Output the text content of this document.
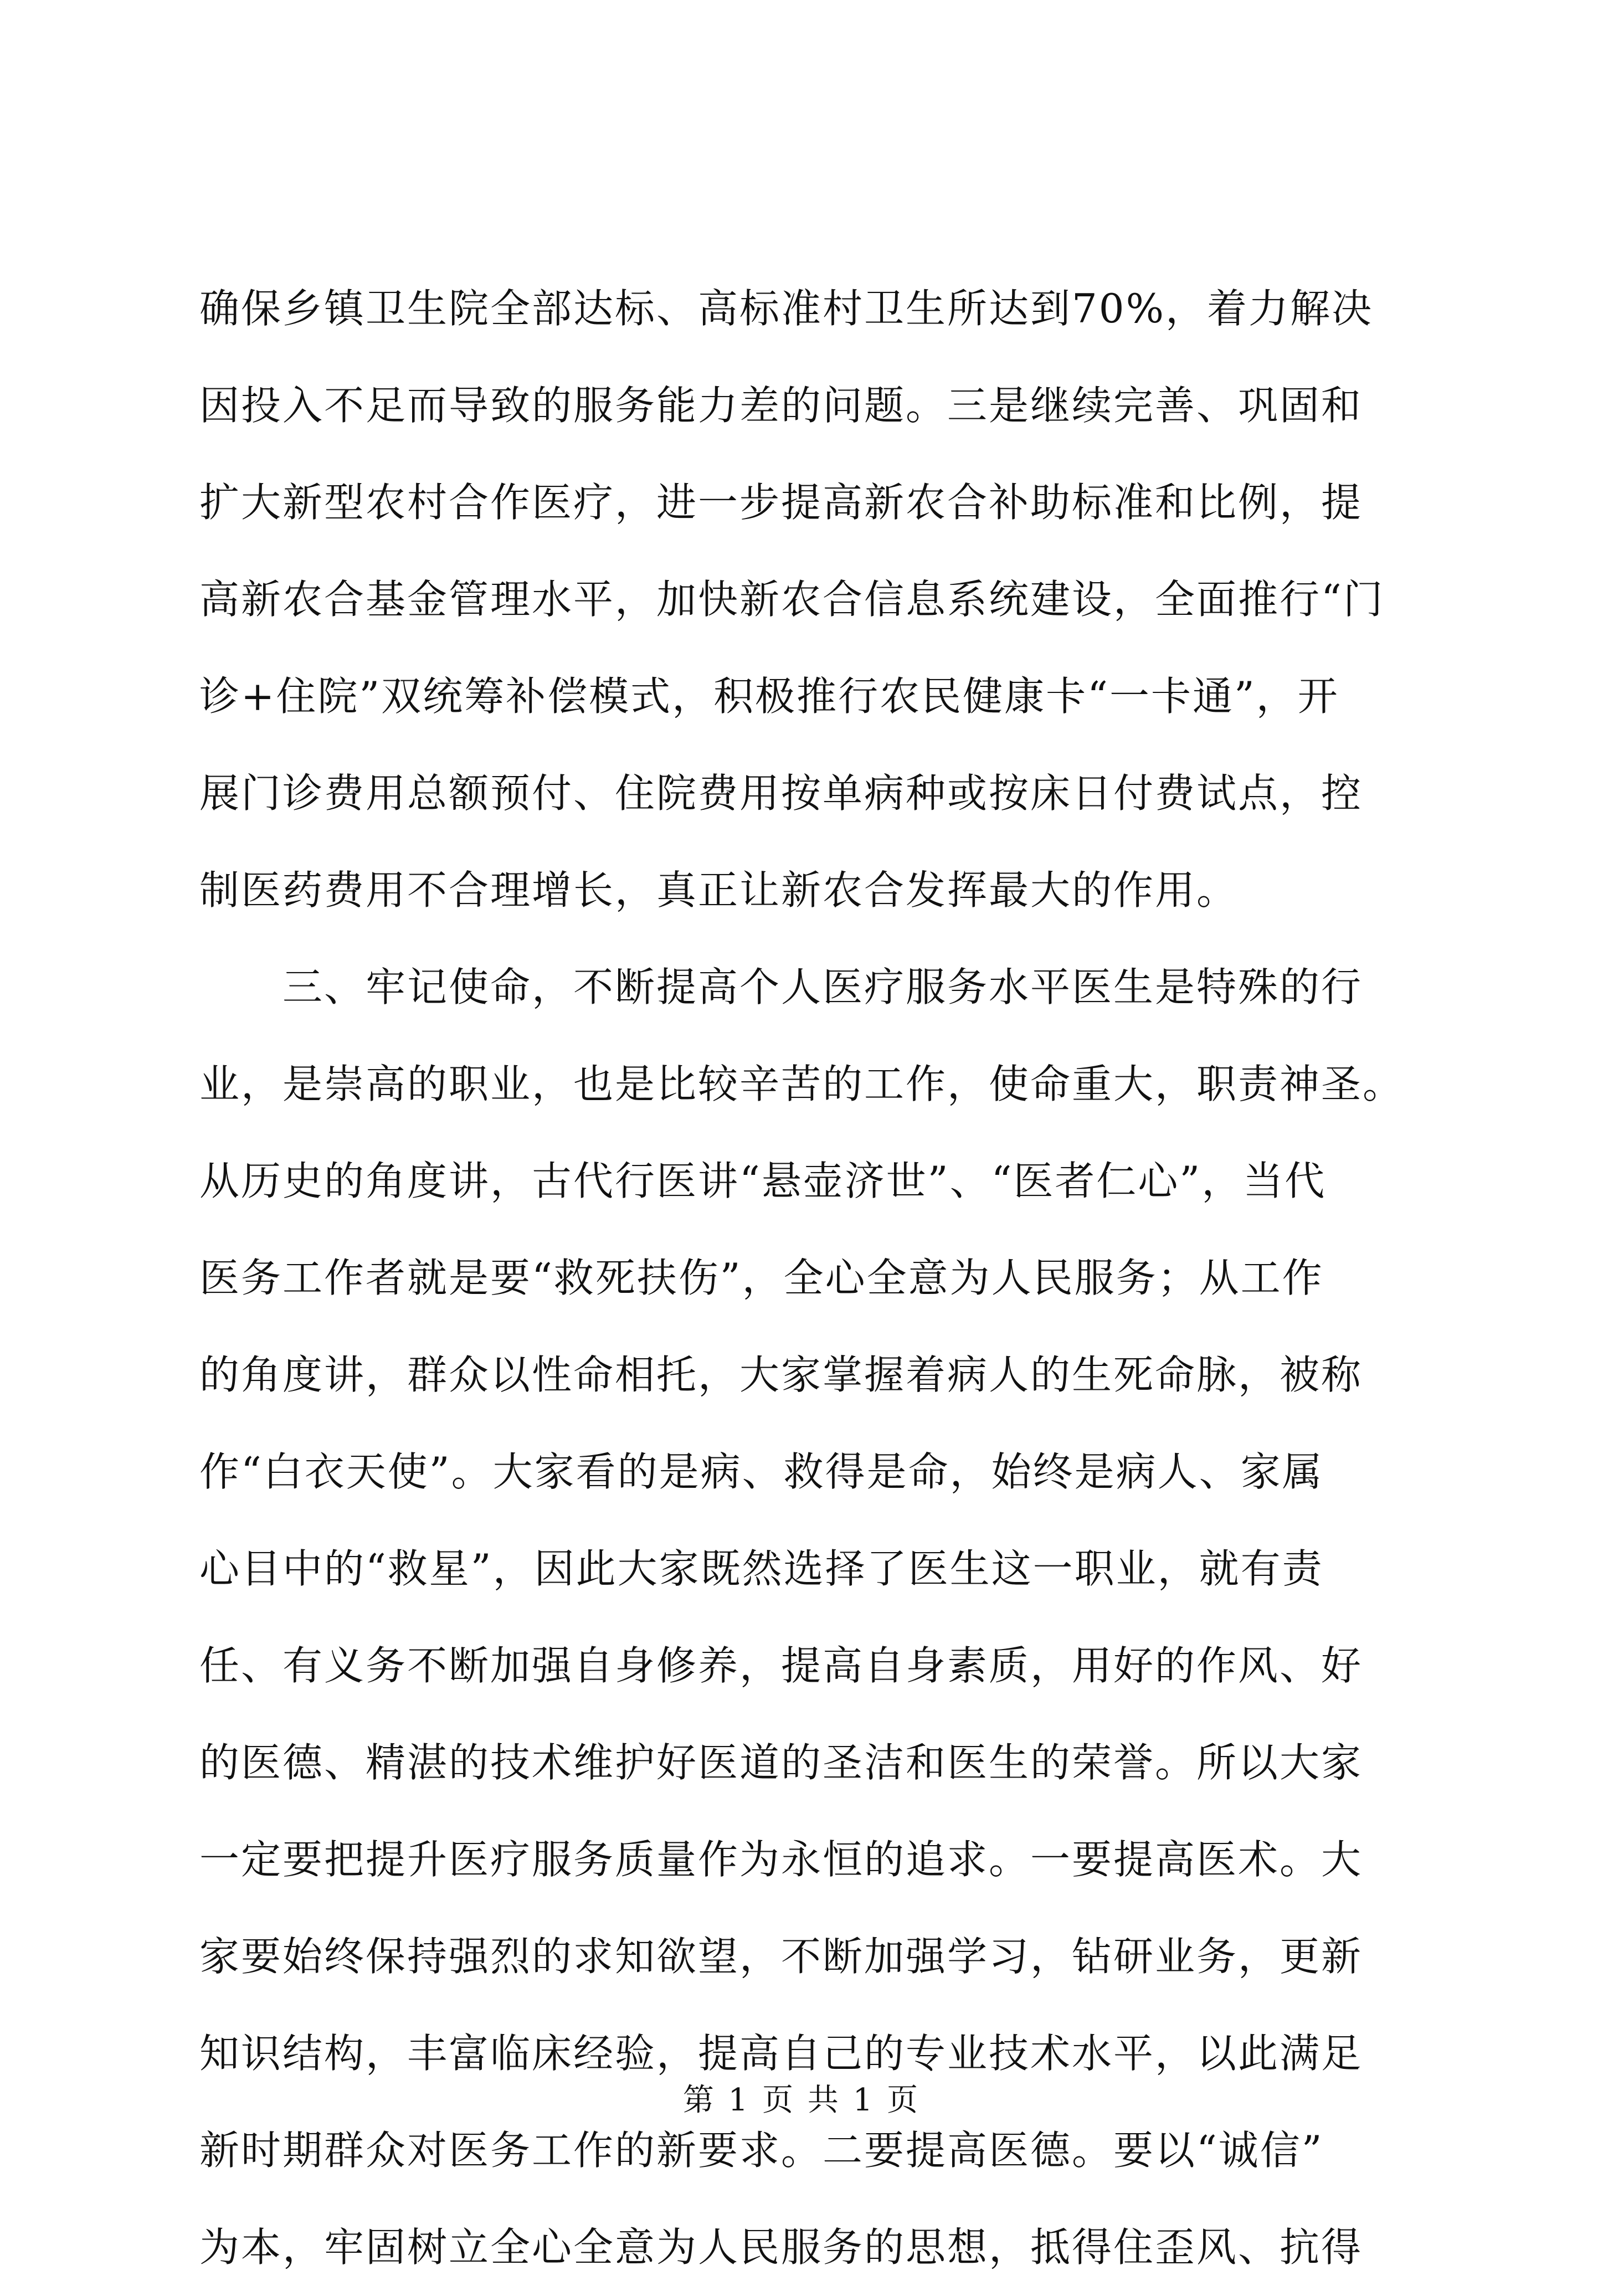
确保乡镇卫生院全部达标、高标准村卫生所达到70%，着力解决
因投入不足而导致的服务能力差的问题。三是继续完善、巩固和
扩大新型农村合作医疗，进一步提高新农合补助标准和比例，提
高新农合基金管理水平，加快新农合信息系统建设，全面推行“门
诊+住院”双统筹补偿模式，积极推行农民健康卡“一卡通”，开
展门诊费用总额预付、住院费用按单病种或按床日付费试点，控
制医药费用不合理增长，真正让新农合发挥最大的作用。
　　三、牢记使命，不断提高个人医疗服务水平医生是特殊的行
业，是崇高的职业，也是比较辛苦的工作，使命重大，职责神圣。
从历史的角度讲，古代行医讲“悬壶济世”、“医者仁心”，当代
医务工作者就是要“救死扶伤”，全心全意为人民服务；从工作
的角度讲，群众以性命相托，大家掌握着病人的生死命脉，被称
作“白衣天使”。大家看的是病、救得是命，始终是病人、家属
心目中的“救星”，因此大家既然选择了医生这一职业，就有责
任、有义务不断加强自身修养，提高自身素质，用好的作风、好
的医德、精湛的技术维护好医道的圣洁和医生的荣誉。所以大家
一定要把提升医疗服务质量作为永恒的追求。一要提高医术。大
家要始终保持强烈的求知欲望，不断加强学习，钻研业务，更新
知识结构，丰富临床经验，提高自己的专业技术水平，以此满足
新时期群众对医务工作的新要求。二要提高医德。要以“诚信”
为本，牢固树立全心全意为人民服务的思想，抵得住歪风、抗得
第 1 页 共 1 页
